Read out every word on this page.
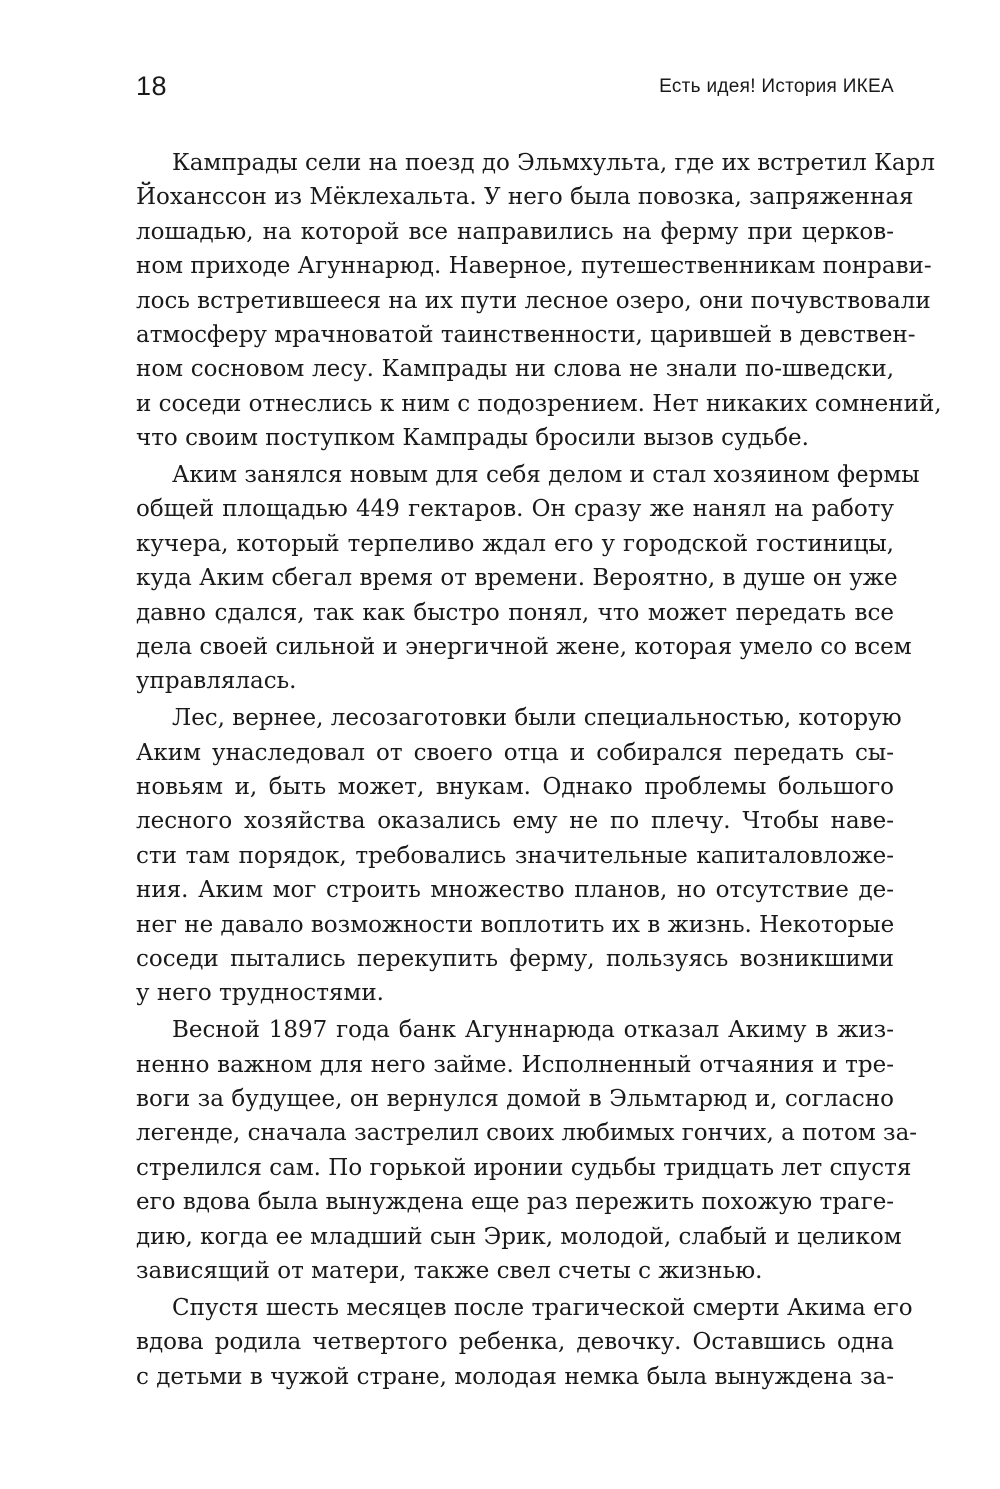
18	Есть идея! История ИКЕА
Кампрады сели на поезд до Эльмхульта, где их встретил Карл
Йохансcон из Мёклехальта. У него была повозка, запряженная
лошадью, на которой все направились на ферму при церков-
ном приходе Агуннарюд. Наверное, путешественникам понрави-
лось встретившееся на их пути лесное озеро, они почувствовали
атмосферу мрачноватой таинственности, царившей в девствен-
ном сосновом лесу. Кампрады ни слова не знали по-шведски,
и соседи отнеслись к ним с подозрением. Нет никаких сомнений,
что своим поступком Кампрады бросили вызов судьбе.
Аким занялся новым для себя делом и стал хозяином фермы
общей площадью 449 гектаров. Он сразу же нанял на работу
кучера, который терпеливо ждал его у городской гостиницы,
куда Аким сбегал время от времени. Вероятно, в душе он уже
давно сдался, так как быстро понял, что может передать все
дела своей сильной и энергичной жене, которая умело со всем
управлялась.
Лес, вернее, лесозаготовки были специальностью, которую
Аким унаследовал от своего отца и собирался передать сы-
новьям и, быть может, внукам. Однако проблемы большого
лесного хозяйства оказались ему не по плечу. Чтобы наве-
сти там порядок, требовались значительные капиталовложе-
ния. Аким мог строить множество планов, но отсутствие де-
нег не давало возможности воплотить их в жизнь. Некоторые
соседи пытались перекупить ферму, пользуясь возникшими
у него трудностями.
Весной 1897 года банк Агуннарюда отказал Акиму в жиз-
ненно важном для него займе. Исполненный отчаяния и тре-
воги за будущее, он вернулся домой в Эльмтарюд и, согласно
легенде, сначала застрелил своих любимых гончих, а потом за-
стрелился сам. По горькой иронии судьбы тридцать лет спустя
его вдова была вынуждена еще раз пережить похожую траге-
дию, когда ее младший сын Эрик, молодой, слабый и целиком
зависящий от матери, также свел счеты с жизнью.
Спустя шесть месяцев после трагической смерти Акима его
вдова родила четвертого ребенка, девочку. Оставшись одна
с детьми в чужой стране, молодая немка была вынуждена за-
